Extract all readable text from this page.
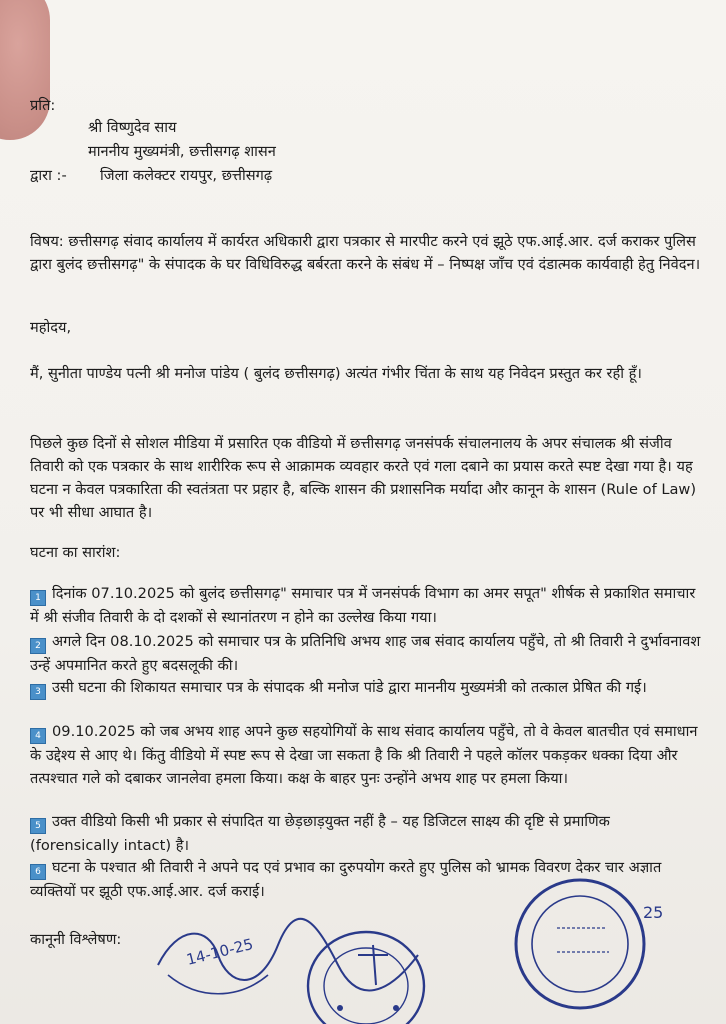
प्रति:
श्री विष्णुदेव साय
माननीय मुख्यमंत्री, छत्तीसगढ़ शासन
द्वारा :- जिला कलेक्टर रायपुर, छत्तीसगढ़
विषय: छत्तीसगढ़ संवाद कार्यालय में कार्यरत अधिकारी द्वारा पत्रकार से मारपीट करने एवं झूठे एफ.आई.आर. दर्ज कराकर पुलिस द्वारा बुलंद छत्तीसगढ़" के संपादक के घर विधिविरुद्ध बर्बरता करने के संबंध में – निष्पक्ष जाँच एवं दंडात्मक कार्यवाही हेतु निवेदन।
महोदय,
मैं, सुनीता पाण्डेय पत्नी श्री मनोज पांडेय ( बुलंद छत्तीसगढ़) अत्यंत गंभीर चिंता के साथ यह निवेदन प्रस्तुत कर रही हूँ।
पिछले कुछ दिनों से सोशल मीडिया में प्रसारित एक वीडियो में छत्तीसगढ़ जनसंपर्क संचालनालय के अपर संचालक श्री संजीव तिवारी को एक पत्रकार के साथ शारीरिक रूप से आक्रामक व्यवहार करते एवं गला दबाने का प्रयास करते स्पष्ट देखा गया है। यह घटना न केवल पत्रकारिता की स्वतंत्रता पर प्रहार है, बल्कि शासन की प्रशासनिक मर्यादा और कानून के शासन (Rule of Law) पर भी सीधा आघात है।
घटना का सारांश:
1 दिनांक 07.10.2025 को बुलंद छत्तीसगढ़" समाचार पत्र में जनसंपर्क विभाग का अमर सपूत" शीर्षक से प्रकाशित समाचार में श्री संजीव तिवारी के दो दशकों से स्थानांतरण न होने का उल्लेख किया गया।
2 अगले दिन 08.10.2025 को समाचार पत्र के प्रतिनिधि अभय शाह जब संवाद कार्यालय पहुँचे, तो श्री तिवारी ने दुर्भावनावश उन्हें अपमानित करते हुए बदसलूकी की।
3 उसी घटना की शिकायत समाचार पत्र के संपादक श्री मनोज पांडे द्वारा माननीय मुख्यमंत्री को तत्काल प्रेषित की गई।
4 09.10.2025 को जब अभय शाह अपने कुछ सहयोगियों के साथ संवाद कार्यालय पहुँचे, तो वे केवल बातचीत एवं समाधान के उद्देश्य से आए थे। किंतु वीडियो में स्पष्ट रूप से देखा जा सकता है कि श्री तिवारी ने पहले कॉलर पकड़कर धक्का दिया और तत्पश्चात गले को दबाकर जानलेवा हमला किया। कक्ष के बाहर पुनः उन्होंने अभय शाह पर हमला किया।
5 उक्त वीडियो किसी भी प्रकार से संपादित या छेड़छाड़युक्त नहीं है – यह डिजिटल साक्ष्य की दृष्टि से प्रमाणिक (forensically intact) है।
6 घटना के पश्चात श्री तिवारी ने अपने पद एवं प्रभाव का दुरुपयोग करते हुए पुलिस को भ्रामक विवरण देकर चार अज्ञात व्यक्तियों पर झूठी एफ.आई.आर. दर्ज कराई।
कानूनी विश्लेषण:	14-10-25
25
